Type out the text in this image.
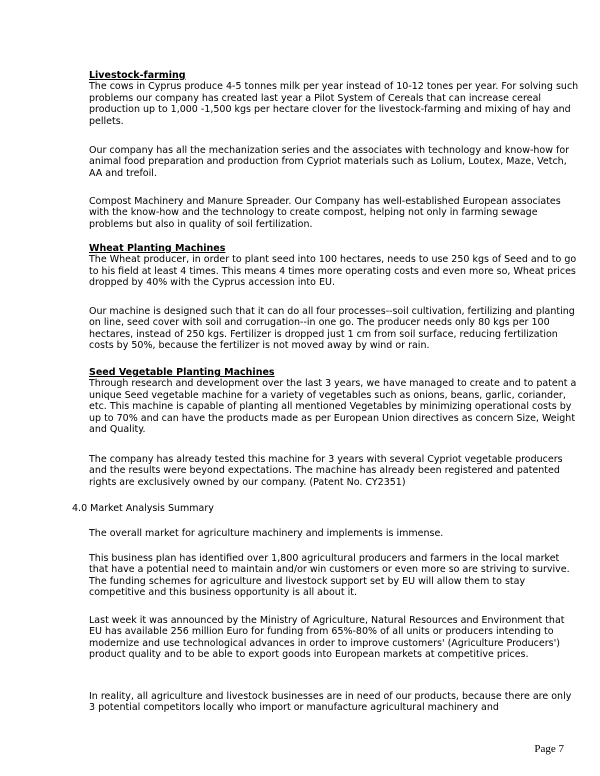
Livestock-farming
The cows in Cyprus produce 4-5 tonnes milk per year instead of 10-12 tones per year. For solving such problems our company has created last year a Pilot System of Cereals that can increase cereal production up to 1,000 -1,500 kgs per hectare clover for the livestock-farming and mixing of hay and pellets.

Our company has all the mechanization series and the associates with technology and know-how for animal food preparation and production from Cypriot materials such as Lolium, Loutex, Maze, Vetch, AA and trefoil.

Compost Machinery and Manure Spreader. Our Company has well-established European associates with the know-how and the technology to create compost, helping not only in farming sewage problems but also in quality of soil fertilization.

Wheat Planting Machines
The Wheat producer, in order to plant seed into 100 hectares, needs to use 250 kgs of Seed and to go to his field at least 4 times. This means 4 times more operating costs and even more so, Wheat prices dropped by 40% with the Cyprus accession into EU.

Our machine is designed such that it can do all four processes--soil cultivation, fertilizing and planting on line, seed cover with soil and corrugation--in one go. The producer needs only 80 kgs per 100 hectares, instead of 250 kgs. Fertilizer is dropped just 1 cm from soil surface, reducing fertilization costs by 50%, because the fertilizer is not moved away by wind or rain.

Seed Vegetable Planting Machines
Through research and development over the last 3 years, we have managed to create and to patent a unique Seed vegetable machine for a variety of vegetables such as onions, beans, garlic, coriander, etc. This machine is capable of planting all mentioned Vegetables by minimizing operational costs by up to 70% and can have the products made as per European Union directives as concern Size, Weight and Quality.

The company has already tested this machine for 3 years with several Cypriot vegetable producers and the results were beyond expectations. The machine has already been registered and patented rights are exclusively owned by our company. (Patent No. CY2351)

4.0 Market Analysis Summary

The overall market for agriculture machinery and implements is immense.

This business plan has identified over 1,800 agricultural producers and farmers in the local market that have a potential need to maintain and/or win customers or even more so are striving to survive. The funding schemes for agriculture and livestock support set by EU will allow them to stay competitive and this business opportunity is all about it.

Last week it was announced by the Ministry of Agriculture, Natural Resources and Environment that EU has available 256 million Euro for funding from 65%-80% of all units or producers intending to modernize and use technological advances in order to improve customers' (Agriculture Producers') product quality and to be able to export goods into European markets at competitive prices.

In reality, all agriculture and livestock businesses are in need of our products, because there are only 3 potential competitors locally who import or manufacture agricultural machinery and

Page 7
